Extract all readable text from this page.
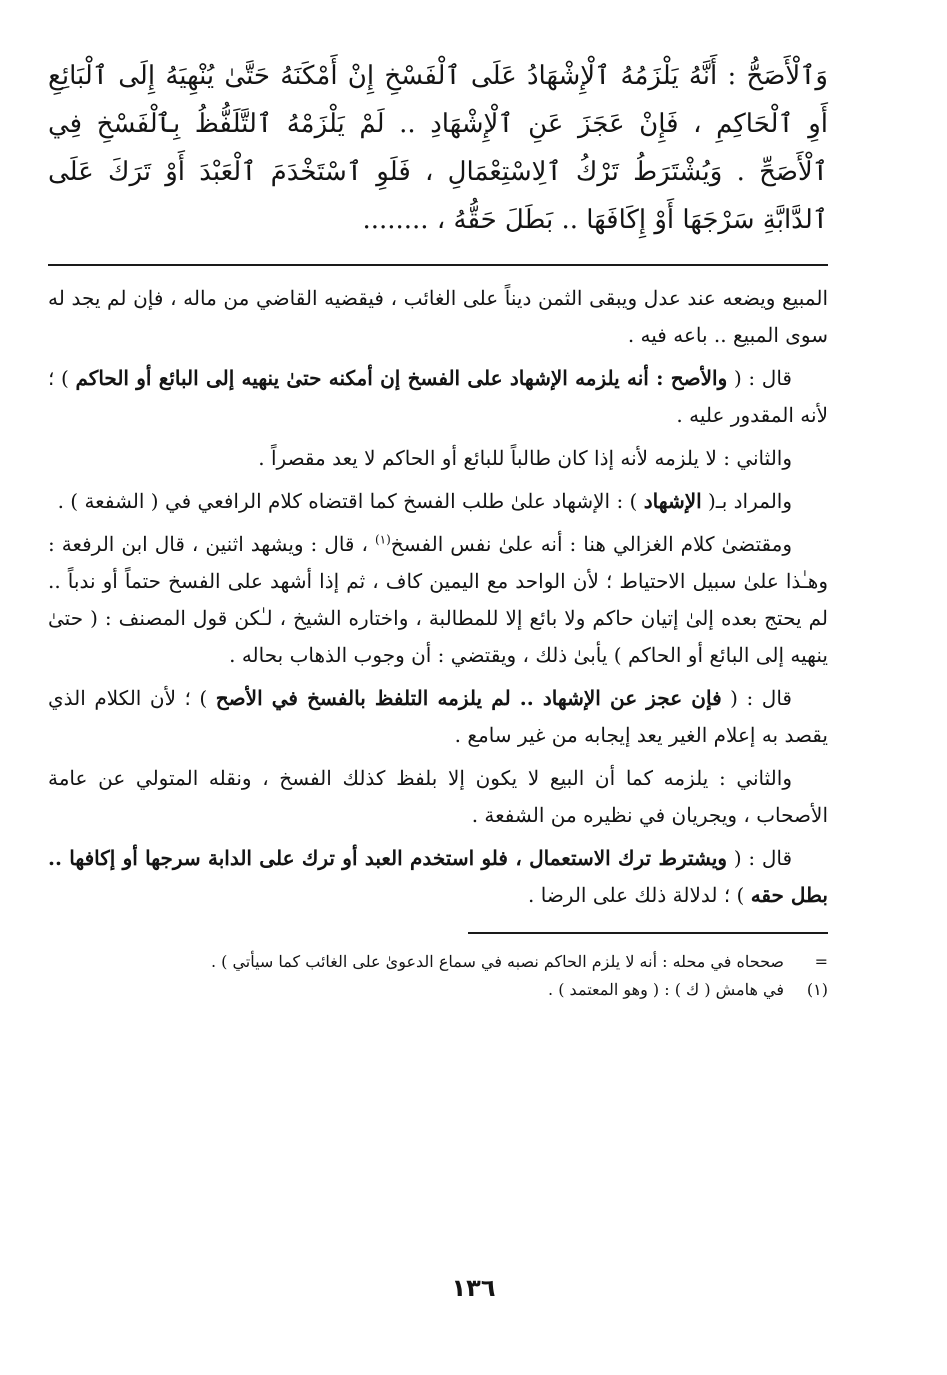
وَٱلْأَصَحُّ : أَنَّهُ يَلْزَمُهُ ٱلْإِشْهَادُ عَلَى ٱلْفَسْخِ إِنْ أَمْكَنَهُ حَتَّىٰ يُنْهِيَهُ إِلَى ٱلْبَائِعِ أَوِ ٱلْحَاكِمِ ، فَإِنْ عَجَزَ عَنِ ٱلْإِشْهَادِ .. لَمْ يَلْزَمْهُ ٱلتَّلَفُّظُ بِٱلْفَسْخِ فِي ٱلْأَصَحِّ . وَيُشْتَرَطُ تَرْكُ ٱلِاسْتِعْمَالِ ، فَلَوِ ٱسْتَخْدَمَ ٱلْعَبْدَ أَوْ تَرَكَ عَلَى ٱلدَّابَّةِ سَرْجَهَا أَوْ إِكَافَهَا .. بَطَلَ حَقُّهُ ، ........

المبيع ويضعه عند عدل ويبقى الثمن ديناً على الغائب ، فيقضيه القاضي من ماله ، فإن لم يجد له سوى المبيع .. باعه فيه .

قال : ( والأصح : أنه يلزمه الإشهاد على الفسخ إن أمكنه حتىٰ ينهيه إلى البائع أو الحاكم ) ؛ لأنه المقدور عليه .

والثاني : لا يلزمه لأنه إذا كان طالباً للبائع أو الحاكم لا يعد مقصراً .

والمراد بـ( الإشهاد ) : الإشهاد علىٰ طلب الفسخ كما اقتضاه كلام الرافعي في ( الشفعة ) .

ومقتضىٰ كلام الغزالي هنا : أنه علىٰ نفس الفسخ$^{(١)}$ ، قال : ويشهد اثنين ، قال ابن الرفعة : وهـٰذا علىٰ سبيل الاحتياط ؛ لأن الواحد مع اليمين كاف ، ثم إذا أشهد على الفسخ حتماً أو ندباً .. لم يحتج بعده إلىٰ إتيان حاكم ولا بائع إلا للمطالبة ، واختاره الشيخ ، لـٰكن قول المصنف : ( حتىٰ ينهيه إلى البائع أو الحاكم ) يأبىٰ ذلك ، ويقتضي : أن وجوب الذهاب بحاله .

قال : ( فإن عجز عن الإشهاد .. لم يلزمه التلفظ بالفسخ في الأصح ) ؛ لأن الكلام الذي يقصد به إعلام الغير يعد إيجابه من غير سامع .

والثاني : يلزمه كما أن البيع لا يكون إلا بلفظ كذلك الفسخ ، ونقله المتولي عن عامة الأصحاب ، ويجريان في نظيره من الشفعة .

قال : ( ويشترط ترك الاستعمال ، فلو استخدم العبد أو ترك على الدابة سرجها أو إكافها .. بطل حقه ) ؛ لدلالة ذلك على الرضا .

=
صححاه في محله : أنه لا يلزم الحاكم نصبه في سماع الدعوىٰ على الغائب كما سيأتي ) .

(١)
في هامش ( ك ) : ( وهو المعتمد ) .

١٣٦
